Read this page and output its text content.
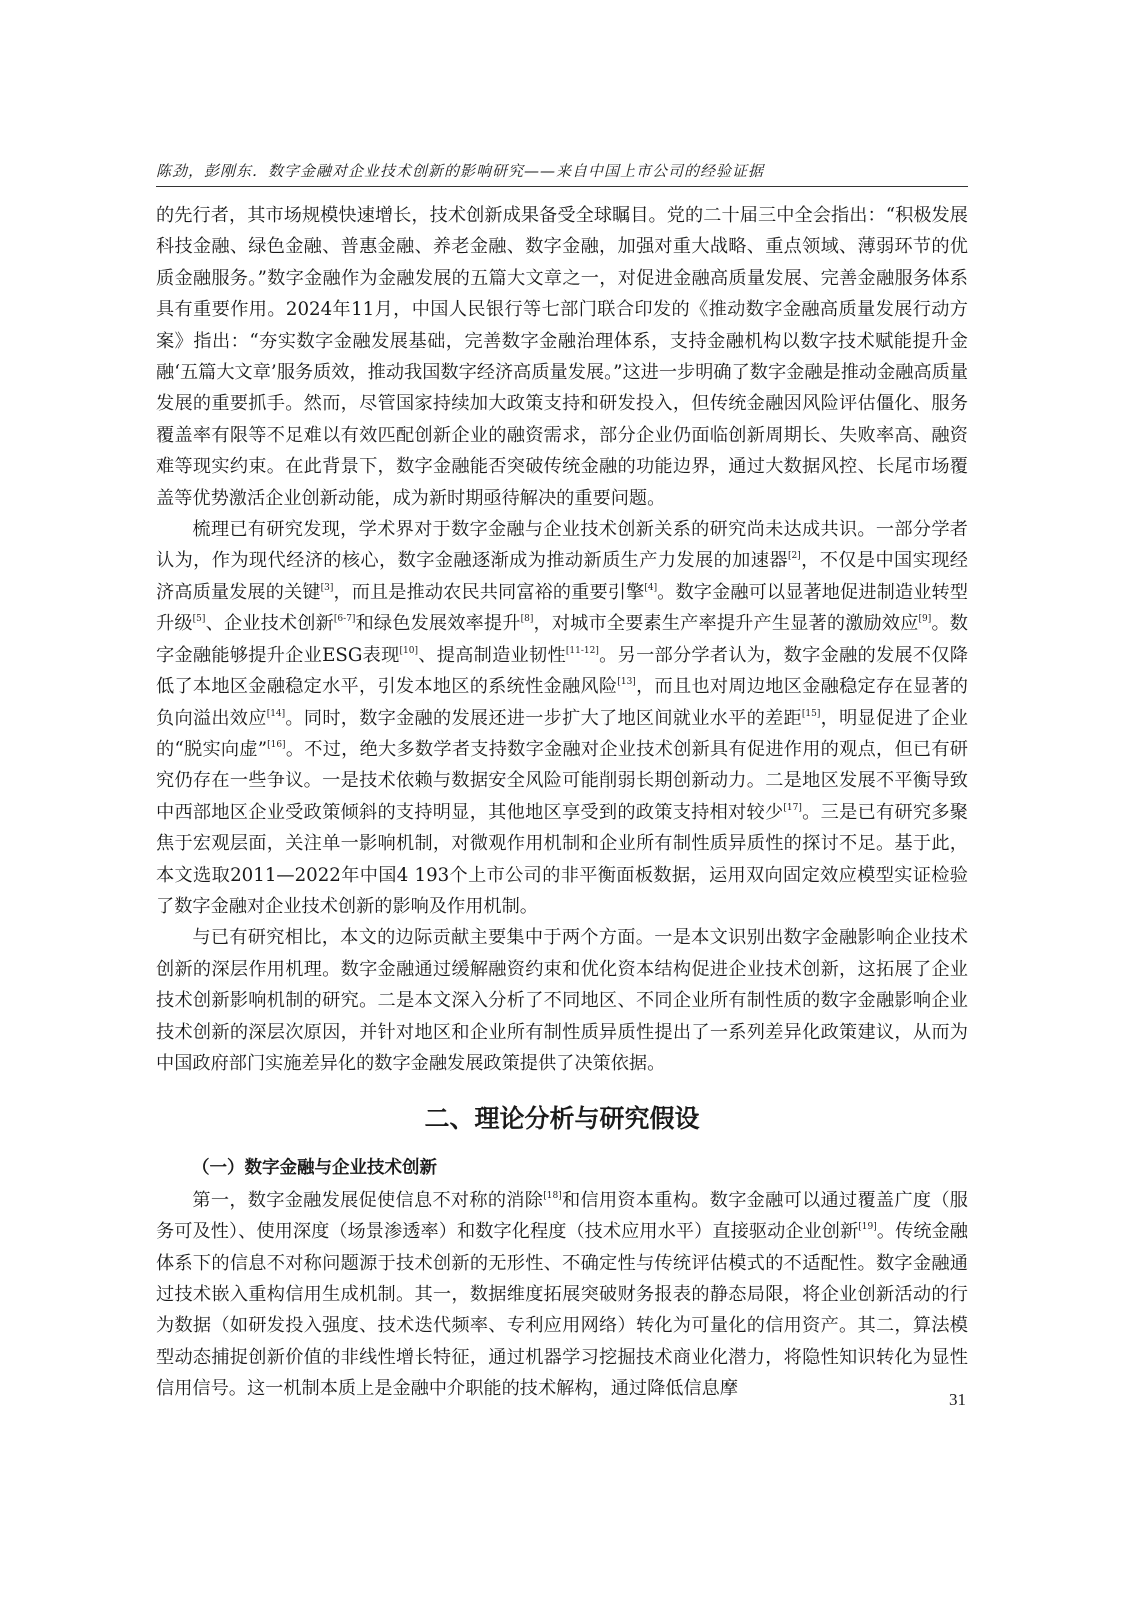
陈劲，彭刚东．数字金融对企业技术创新的影响研究——来自中国上市公司的经验证据

的先行者，其市场规模快速增长，技术创新成果备受全球瞩目。党的二十届三中全会指出：“积极发展科技金融、绿色金融、普惠金融、养老金融、数字金融，加强对重大战略、重点领域、薄弱环节的优质金融服务。”数字金融作为金融发展的五篇大文章之一，对促进金融高质量发展、完善金融服务体系具有重要作用。2024年11月，中国人民银行等七部门联合印发的《推动数字金融高质量发展行动方案》指出：“夯实数字金融发展基础，完善数字金融治理体系，支持金融机构以数字技术赋能提升金融‘五篇大文章’服务质效，推动我国数字经济高质量发展。”这进一步明确了数字金融是推动金融高质量发展的重要抓手。然而，尽管国家持续加大政策支持和研发投入，但传统金融因风险评估僵化、服务覆盖率有限等不足难以有效匹配创新企业的融资需求，部分企业仍面临创新周期长、失败率高、融资难等现实约束。在此背景下，数字金融能否突破传统金融的功能边界，通过大数据风控、长尾市场覆盖等优势激活企业创新动能，成为新时期亟待解决的重要问题。

梳理已有研究发现，学术界对于数字金融与企业技术创新关系的研究尚未达成共识。一部分学者认为，作为现代经济的核心，数字金融逐渐成为推动新质生产力发展的加速器[2]，不仅是中国实现经济高质量发展的关键[3]，而且是推动农民共同富裕的重要引擎[4]。数字金融可以显著地促进制造业转型升级[5]、企业技术创新[6-7]和绿色发展效率提升[8]，对城市全要素生产率提升产生显著的激励效应[9]。数字金融能够提升企业ESG表现[10]、提高制造业韧性[11-12]。另一部分学者认为，数字金融的发展不仅降低了本地区金融稳定水平，引发本地区的系统性金融风险[13]，而且也对周边地区金融稳定存在显著的负向溢出效应[14]。同时，数字金融的发展还进一步扩大了地区间就业水平的差距[15]，明显促进了企业的“脱实向虚”[16]。不过，绝大多数学者支持数字金融对企业技术创新具有促进作用的观点，但已有研究仍存在一些争议。一是技术依赖与数据安全风险可能削弱长期创新动力。二是地区发展不平衡导致中西部地区企业受政策倾斜的支持明显，其他地区享受到的政策支持相对较少[17]。三是已有研究多聚焦于宏观层面，关注单一影响机制，对微观作用机制和企业所有制性质异质性的探讨不足。基于此，本文选取2011—2022年中国4 193个上市公司的非平衡面板数据，运用双向固定效应模型实证检验了数字金融对企业技术创新的影响及作用机制。

与已有研究相比，本文的边际贡献主要集中于两个方面。一是本文识别出数字金融影响企业技术创新的深层作用机理。数字金融通过缓解融资约束和优化资本结构促进企业技术创新，这拓展了企业技术创新影响机制的研究。二是本文深入分析了不同地区、不同企业所有制性质的数字金融影响企业技术创新的深层次原因，并针对地区和企业所有制性质异质性提出了一系列差异化政策建议，从而为中国政府部门实施差异化的数字金融发展政策提供了决策依据。

二、理论分析与研究假设
（一）数字金融与企业技术创新

第一，数字金融发展促使信息不对称的消除[18]和信用资本重构。数字金融可以通过覆盖广度（服务可及性）、使用深度（场景渗透率）和数字化程度（技术应用水平）直接驱动企业创新[19]。传统金融体系下的信息不对称问题源于技术创新的无形性、不确定性与传统评估模式的不适配性。数字金融通过技术嵌入重构信用生成机制。其一，数据维度拓展突破财务报表的静态局限，将企业创新活动的行为数据（如研发投入强度、技术迭代频率、专利应用网络）转化为可量化的信用资产。其二，算法模型动态捕捉创新价值的非线性增长特征，通过机器学习挖掘技术商业化潜力，将隐性知识转化为显性信用信号。这一机制本质上是金融中介职能的技术解构，通过降低信息摩

31
